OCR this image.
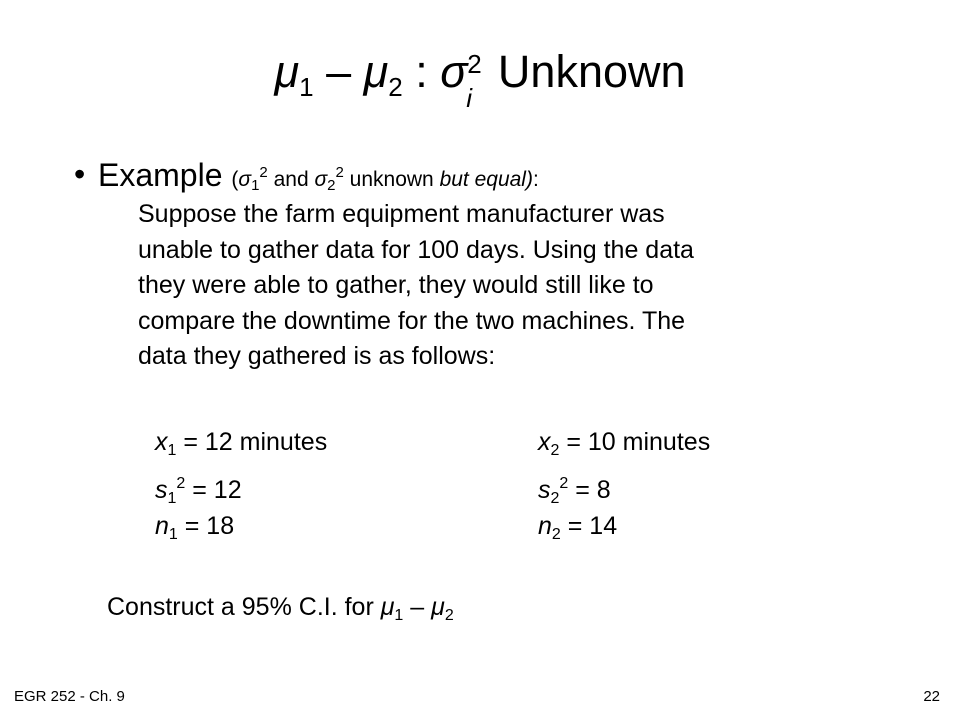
$\mu_1 - \mu_2$ : σ 2
i
Unknown
• Example ($\sigma_1^2$ and $\sigma_2^2$ unknown but equal):
Suppose the farm equipment manufacturer was
unable to gather data for 100 days. Using the data
they were able to gather, they would still like to
compare the downtime for the two machines. The
data they gathered is as follows:
$x_1 = 12$ minutes
$s_1^2 = 12$
$n_1 = 18$
$x_2 = 10$ minutes
$s_2^2 = 8$
$n_2 = 14$
Construct a 95% C.I. for $\mu_1 - \mu_2$
EGR 252 - Ch. 9	22
